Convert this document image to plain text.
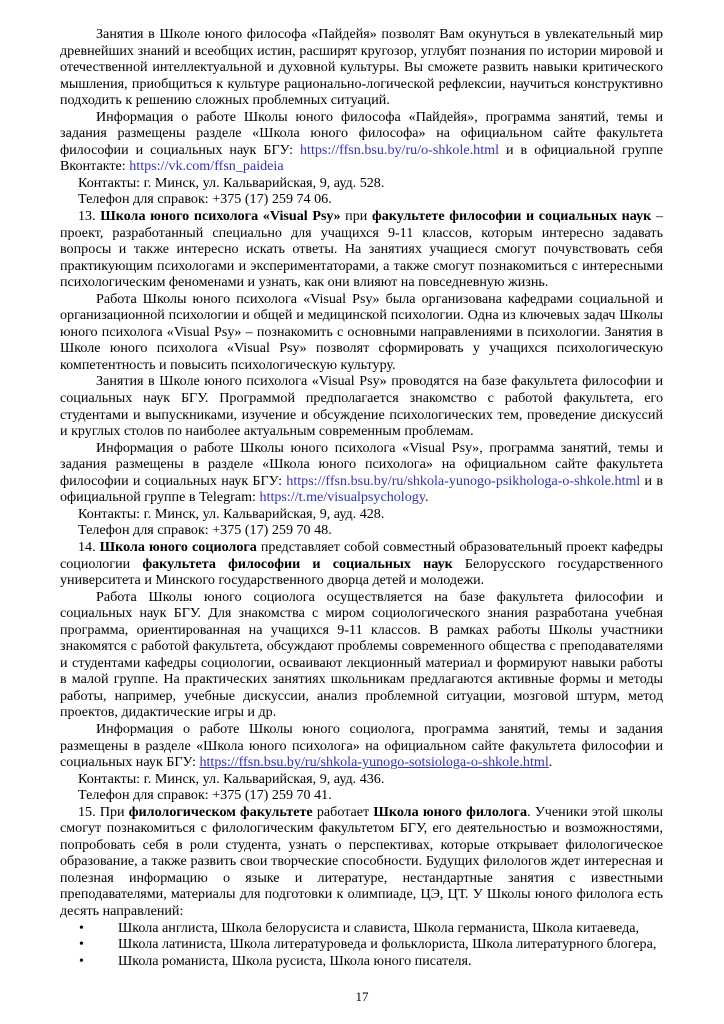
Занятия в Школе юного философа «Пайдейя» позволят Вам окунуться в увлекательный мир древнейших знаний и всеобщих истин, расширят кругозор, углубят познания по истории мировой и отечественной интеллектуальной и духовной культуры. Вы сможете развить навыки критического мышления, приобщиться к культуре рационально-логической рефлексии, научиться конструктивно подходить к решению сложных проблемных ситуаций.

Информация о работе Школы юного философа «Пайдейя», программа занятий, темы и задания размещены разделе «Школа юного философа» на официальном сайте факультета философии и социальных наук БГУ: https://ffsn.bsu.by/ru/o-shkole.html и в официальной группе Вконтакте: https://vk.com/ffsn_paideia

Контакты: г. Минск, ул. Кальварийская, 9, ауд. 528.

Телефон для справок: +375 (17) 259 74 06.

13. Школа юного психолога «Visual Psy» при факультете философии и социальных наук – проект, разработанный специально для учащихся 9-11 классов, которым интересно задавать вопросы и также интересно искать ответы. На занятиях учащиеся смогут почувствовать себя практикующим психологами и экспериментаторами, а также смогут познакомиться с интересными психологическим феноменами и узнать, как они влияют на повседневную жизнь.

Работа Школы юного психолога «Visual Psy» была организована кафедрами социальной и организационной психологии и общей и медицинской психологии. Одна из ключевых задач Школы юного психолога «Visual Psy» – познакомить с основными направлениями в психологии. Занятия в Школе юного психолога «Visual Psy» позволят сформировать у учащихся психологическую компетентность и повысить психологическую культуру.

Занятия в Школе юного психолога «Visual Psy» проводятся на базе факультета философии и социальных наук БГУ. Программой предполагается знакомство с работой факультета, его студентами и выпускниками, изучение и обсуждение психологических тем, проведение дискуссий и круглых столов по наиболее актуальным современным проблемам.

Информация о работе Школы юного психолога «Visual Psy», программа занятий, темы и задания размещены в разделе «Школа юного психолога» на официальном сайте факультета философии и социальных наук БГУ: https://ffsn.bsu.by/ru/shkola-yunogo-psikhologa-o-shkole.html и в официальной группе в Telegram: https://t.me/visualpsychology.

Контакты: г. Минск, ул. Кальварийская, 9, ауд. 428.

Телефон для справок: +375 (17) 259 70 48.

14. Школа юного социолога представляет собой совместный образовательный проект кафедры социологии факультета философии и социальных наук Белорусского государственного университета и Минского государственного дворца детей и молодежи.

Работа Школы юного социолога осуществляется на базе факультета философии и социальных наук БГУ. Для знакомства с миром социологического знания разработана учебная программа, ориентированная на учащихся 9-11 классов. В рамках работы Школы участники знакомятся с работой факультета, обсуждают проблемы современного общества с преподавателями и студентами кафедры социологии, осваивают лекционный материал и формируют навыки работы в малой группе. На практических занятиях школьникам предлагаются активные формы и методы работы, например, учебные дискуссии, анализ проблемной ситуации, мозговой штурм, метод проектов, дидактические игры и др.

Информация о работе Школы юного социолога, программа занятий, темы и задания размещены в разделе «Школа юного психолога» на официальном сайте факультета философии и социальных наук БГУ: https://ffsn.bsu.by/ru/shkola-yunogo-sotsiologa-o-shkole.html.

Контакты: г. Минск, ул. Кальварийская, 9, ауд. 436.

Телефон для справок: +375 (17) 259 70 41.

15. При филологическом факультете работает Школа юного филолога. Ученики этой школы смогут познакомиться с филологическим факультетом БГУ, его деятельностью и возможностями, попробовать себя в роли студента, узнать о перспективах, которые открывает филологическое образование, а также развить свои творческие способности. Будущих филологов ждет интересная и полезная информацию о языке и литературе, нестандартные занятия с известными преподавателями, материалы для подготовки к олимпиаде, ЦЭ, ЦТ. У Школы юного филолога есть десять направлений:

• Школа англиста, Школа белорусиста и слависта, Школа германиста, Школа китаеведа,
• Школа латиниста, Школа литературоведа и фольклориста, Школа литературного блогера,
• Школа романиста, Школа русиста, Школа юного писателя.
17
